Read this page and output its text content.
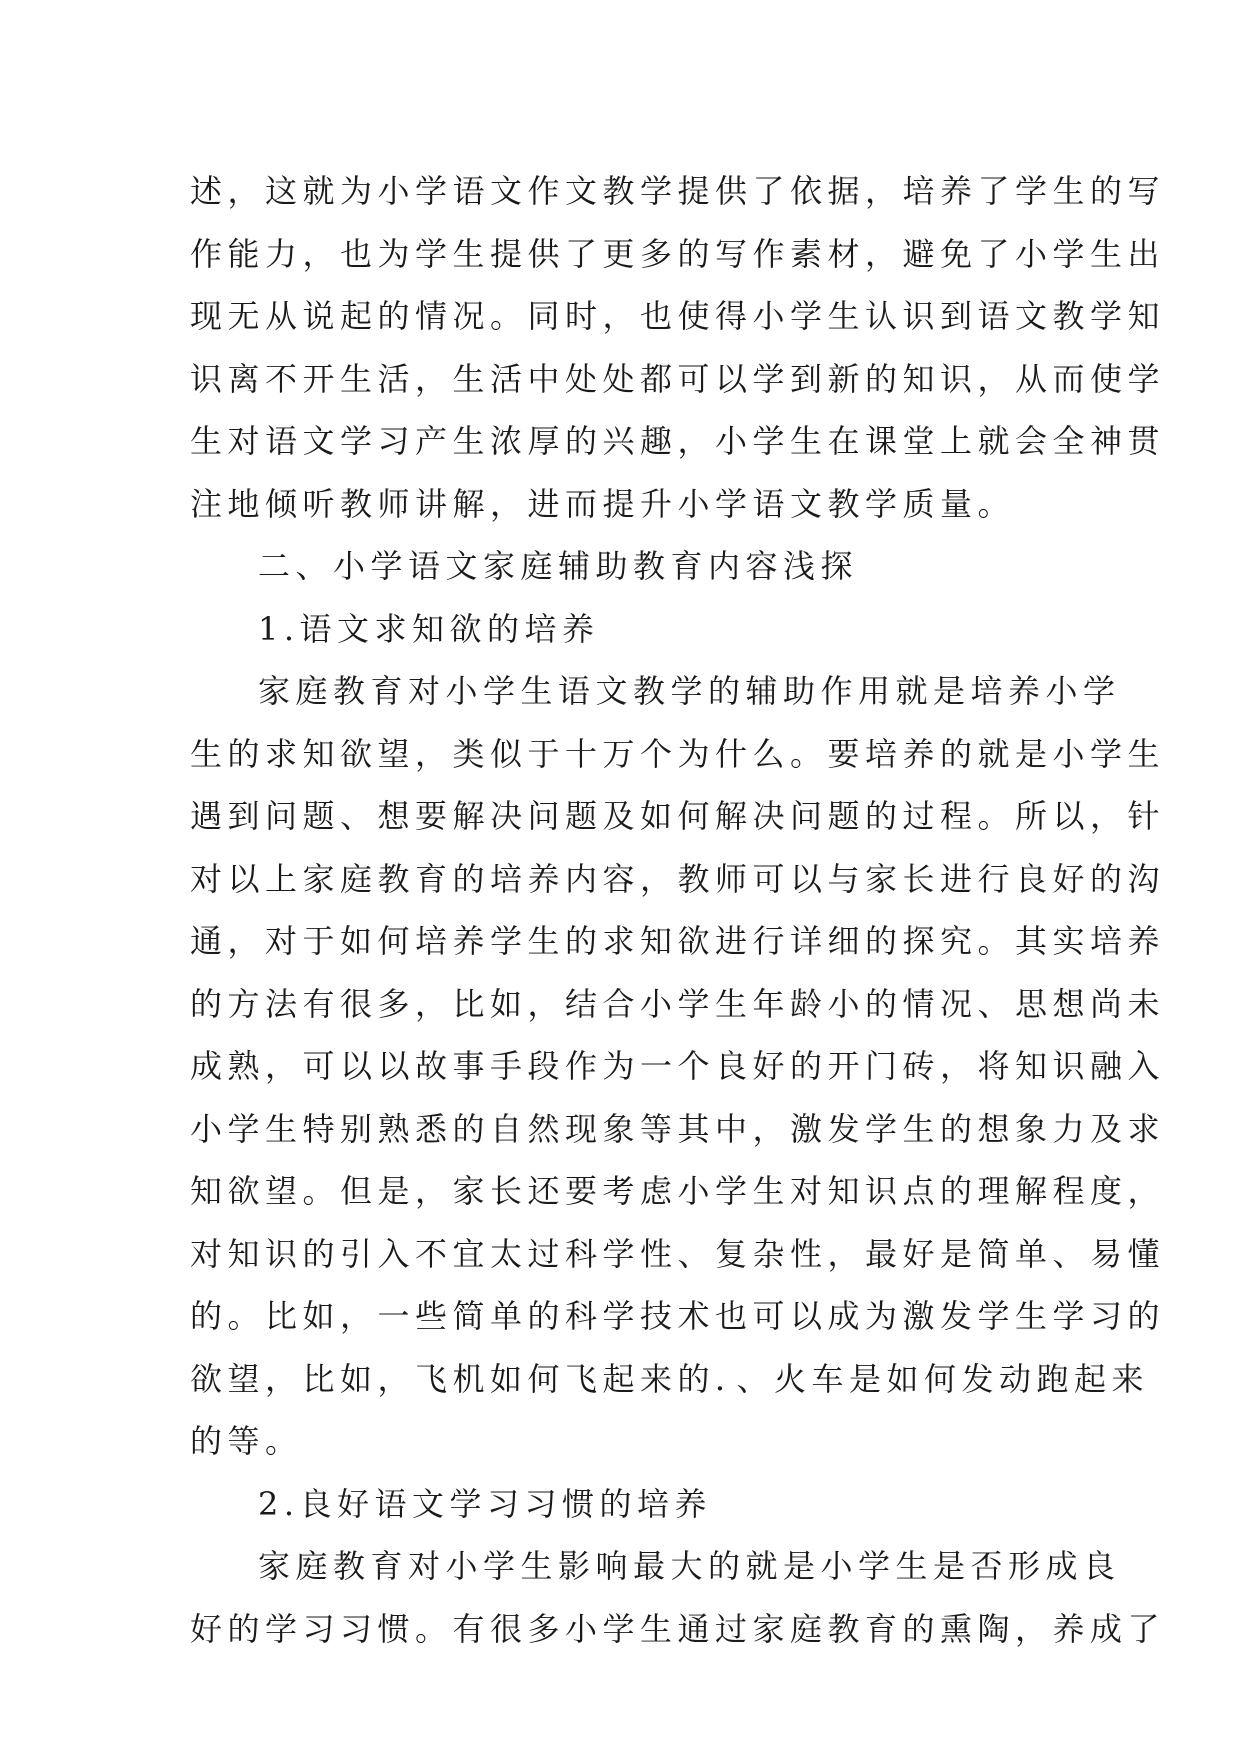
述，这就为小学语文作文教学提供了依据，培养了学生的写
作能力，也为学生提供了更多的写作素材，避免了小学生出
现无从说起的情况。同时，也使得小学生认识到语文教学知
识离不开生活，生活中处处都可以学到新的知识，从而使学
生对语文学习产生浓厚的兴趣，小学生在课堂上就会全神贯
注地倾听教师讲解，进而提升小学语文教学质量。
二、小学语文家庭辅助教育内容浅探
1.语文求知欲的培养
家庭教育对小学生语文教学的辅助作用就是培养小学
生的求知欲望，类似于十万个为什么。要培养的就是小学生
遇到问题、想要解决问题及如何解决问题的过程。所以，针
对以上家庭教育的培养内容，教师可以与家长进行良好的沟
通，对于如何培养学生的求知欲进行详细的探究。其实培养
的方法有很多，比如，结合小学生年龄小的情况、思想尚未
成熟，可以以故事手段作为一个良好的开门砖，将知识融入
小学生特别熟悉的自然现象等其中，激发学生的想象力及求
知欲望。但是，家长还要考虑小学生对知识点的理解程度，
对知识的引入不宜太过科学性、复杂性，最好是简单、易懂
的。比如，一些简单的科学技术也可以成为激发学生学习的
欲望，比如，飞机如何飞起来的．、火车是如何发动跑起来
的等。
2.良好语文学习习惯的培养
家庭教育对小学生影响最大的就是小学生是否形成良
好的学习习惯。有很多小学生通过家庭教育的熏陶，养成了
